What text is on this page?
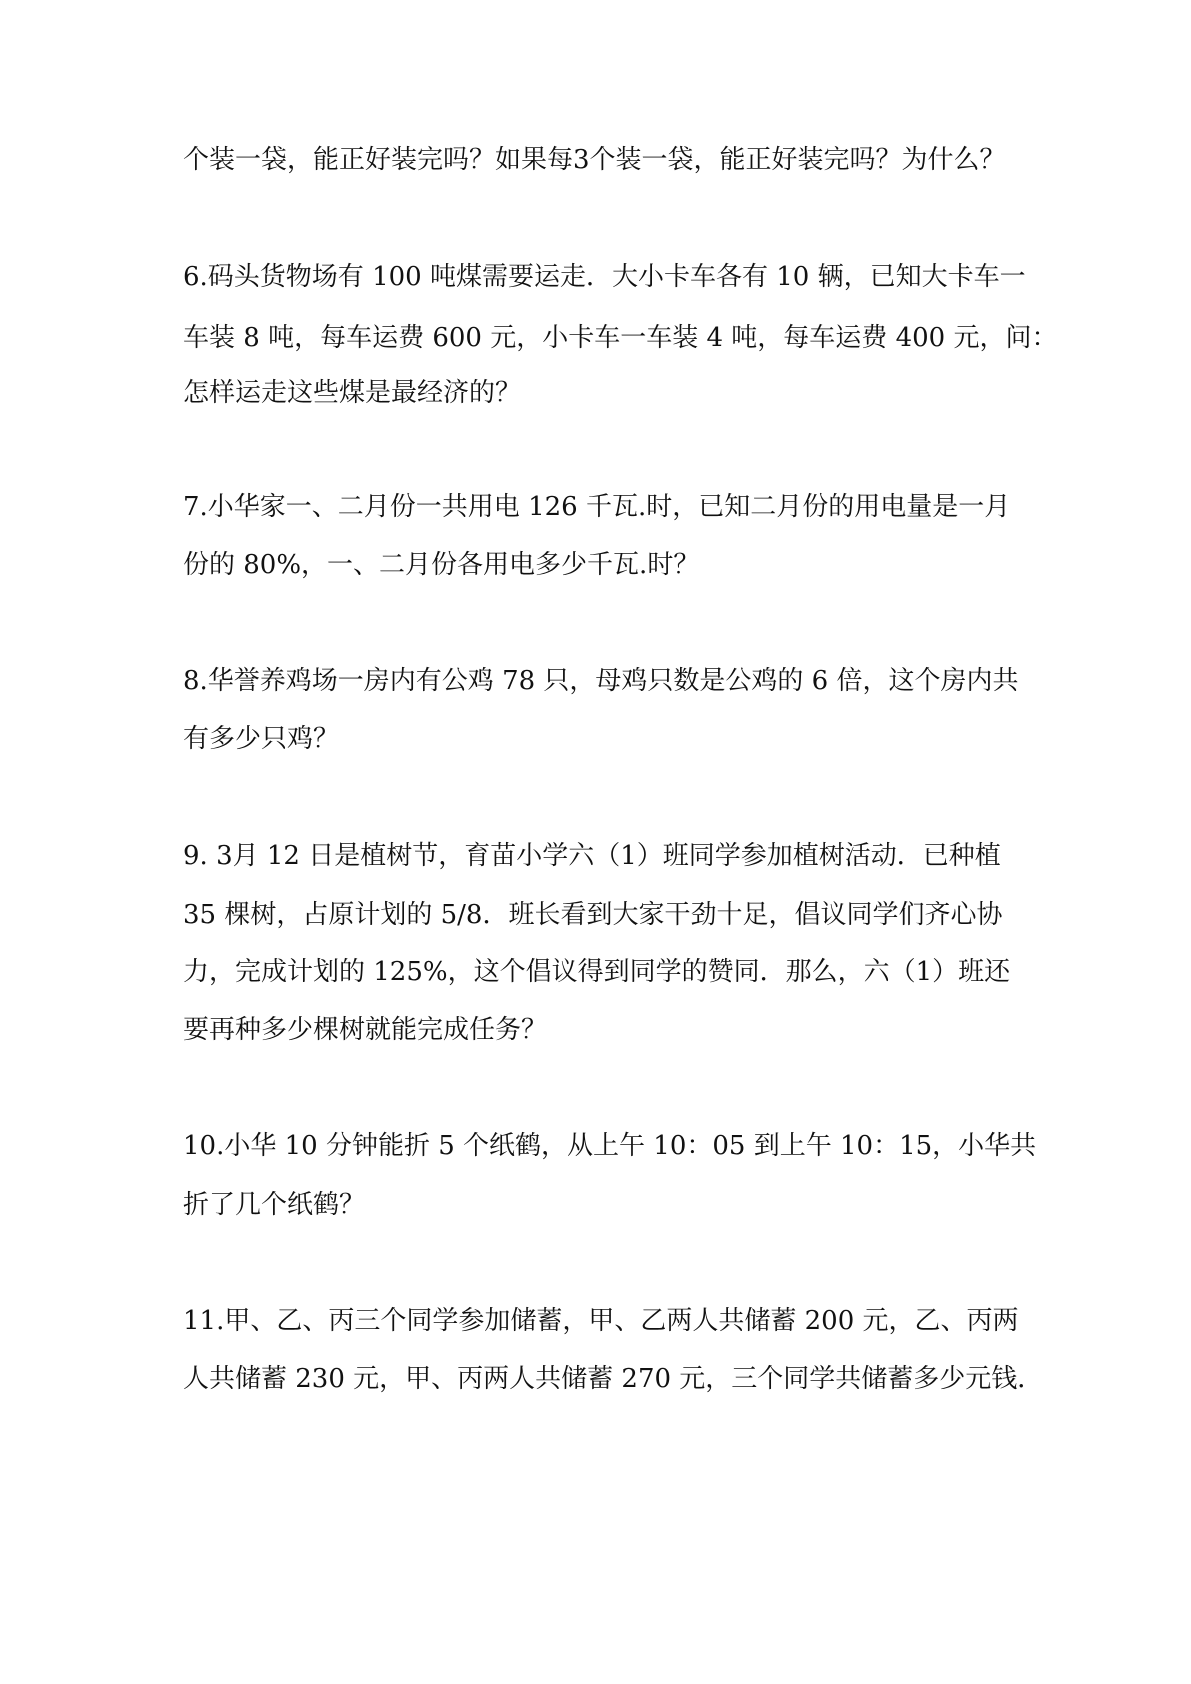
个装一袋，能正好装完吗？如果每3个装一袋，能正好装完吗？为什么？
6.码头货物场有 100 吨煤需要运走．大小卡车各有 10 辆，已知大卡车一
车装 8 吨，每车运费 600 元，小卡车一车装 4 吨，每车运费 400 元，问：
怎样运走这些煤是最经济的？
7.小华家一、二月份一共用电 126 千瓦.时，已知二月份的用电量是一月
份的 80%，一、二月份各用电多少千瓦.时？
8.华誉养鸡场一房内有公鸡 78 只，母鸡只数是公鸡的 6 倍，这个房内共
有多少只鸡？
9. 3月 12 日是植树节，育苗小学六（1）班同学参加植树活动．已种植
35 棵树，占原计划的 5/8．班长看到大家干劲十足，倡议同学们齐心协
力，完成计划的 125%，这个倡议得到同学的赞同．那么，六（1）班还
要再种多少棵树就能完成任务？
10.小华 10 分钟能折 5 个纸鹤，从上午 10：05 到上午 10：15，小华共
折了几个纸鹤？
11.甲、乙、丙三个同学参加储蓄，甲、乙两人共储蓄 200 元，乙、丙两
人共储蓄 230 元，甲、丙两人共储蓄 270 元，三个同学共储蓄多少元钱．
